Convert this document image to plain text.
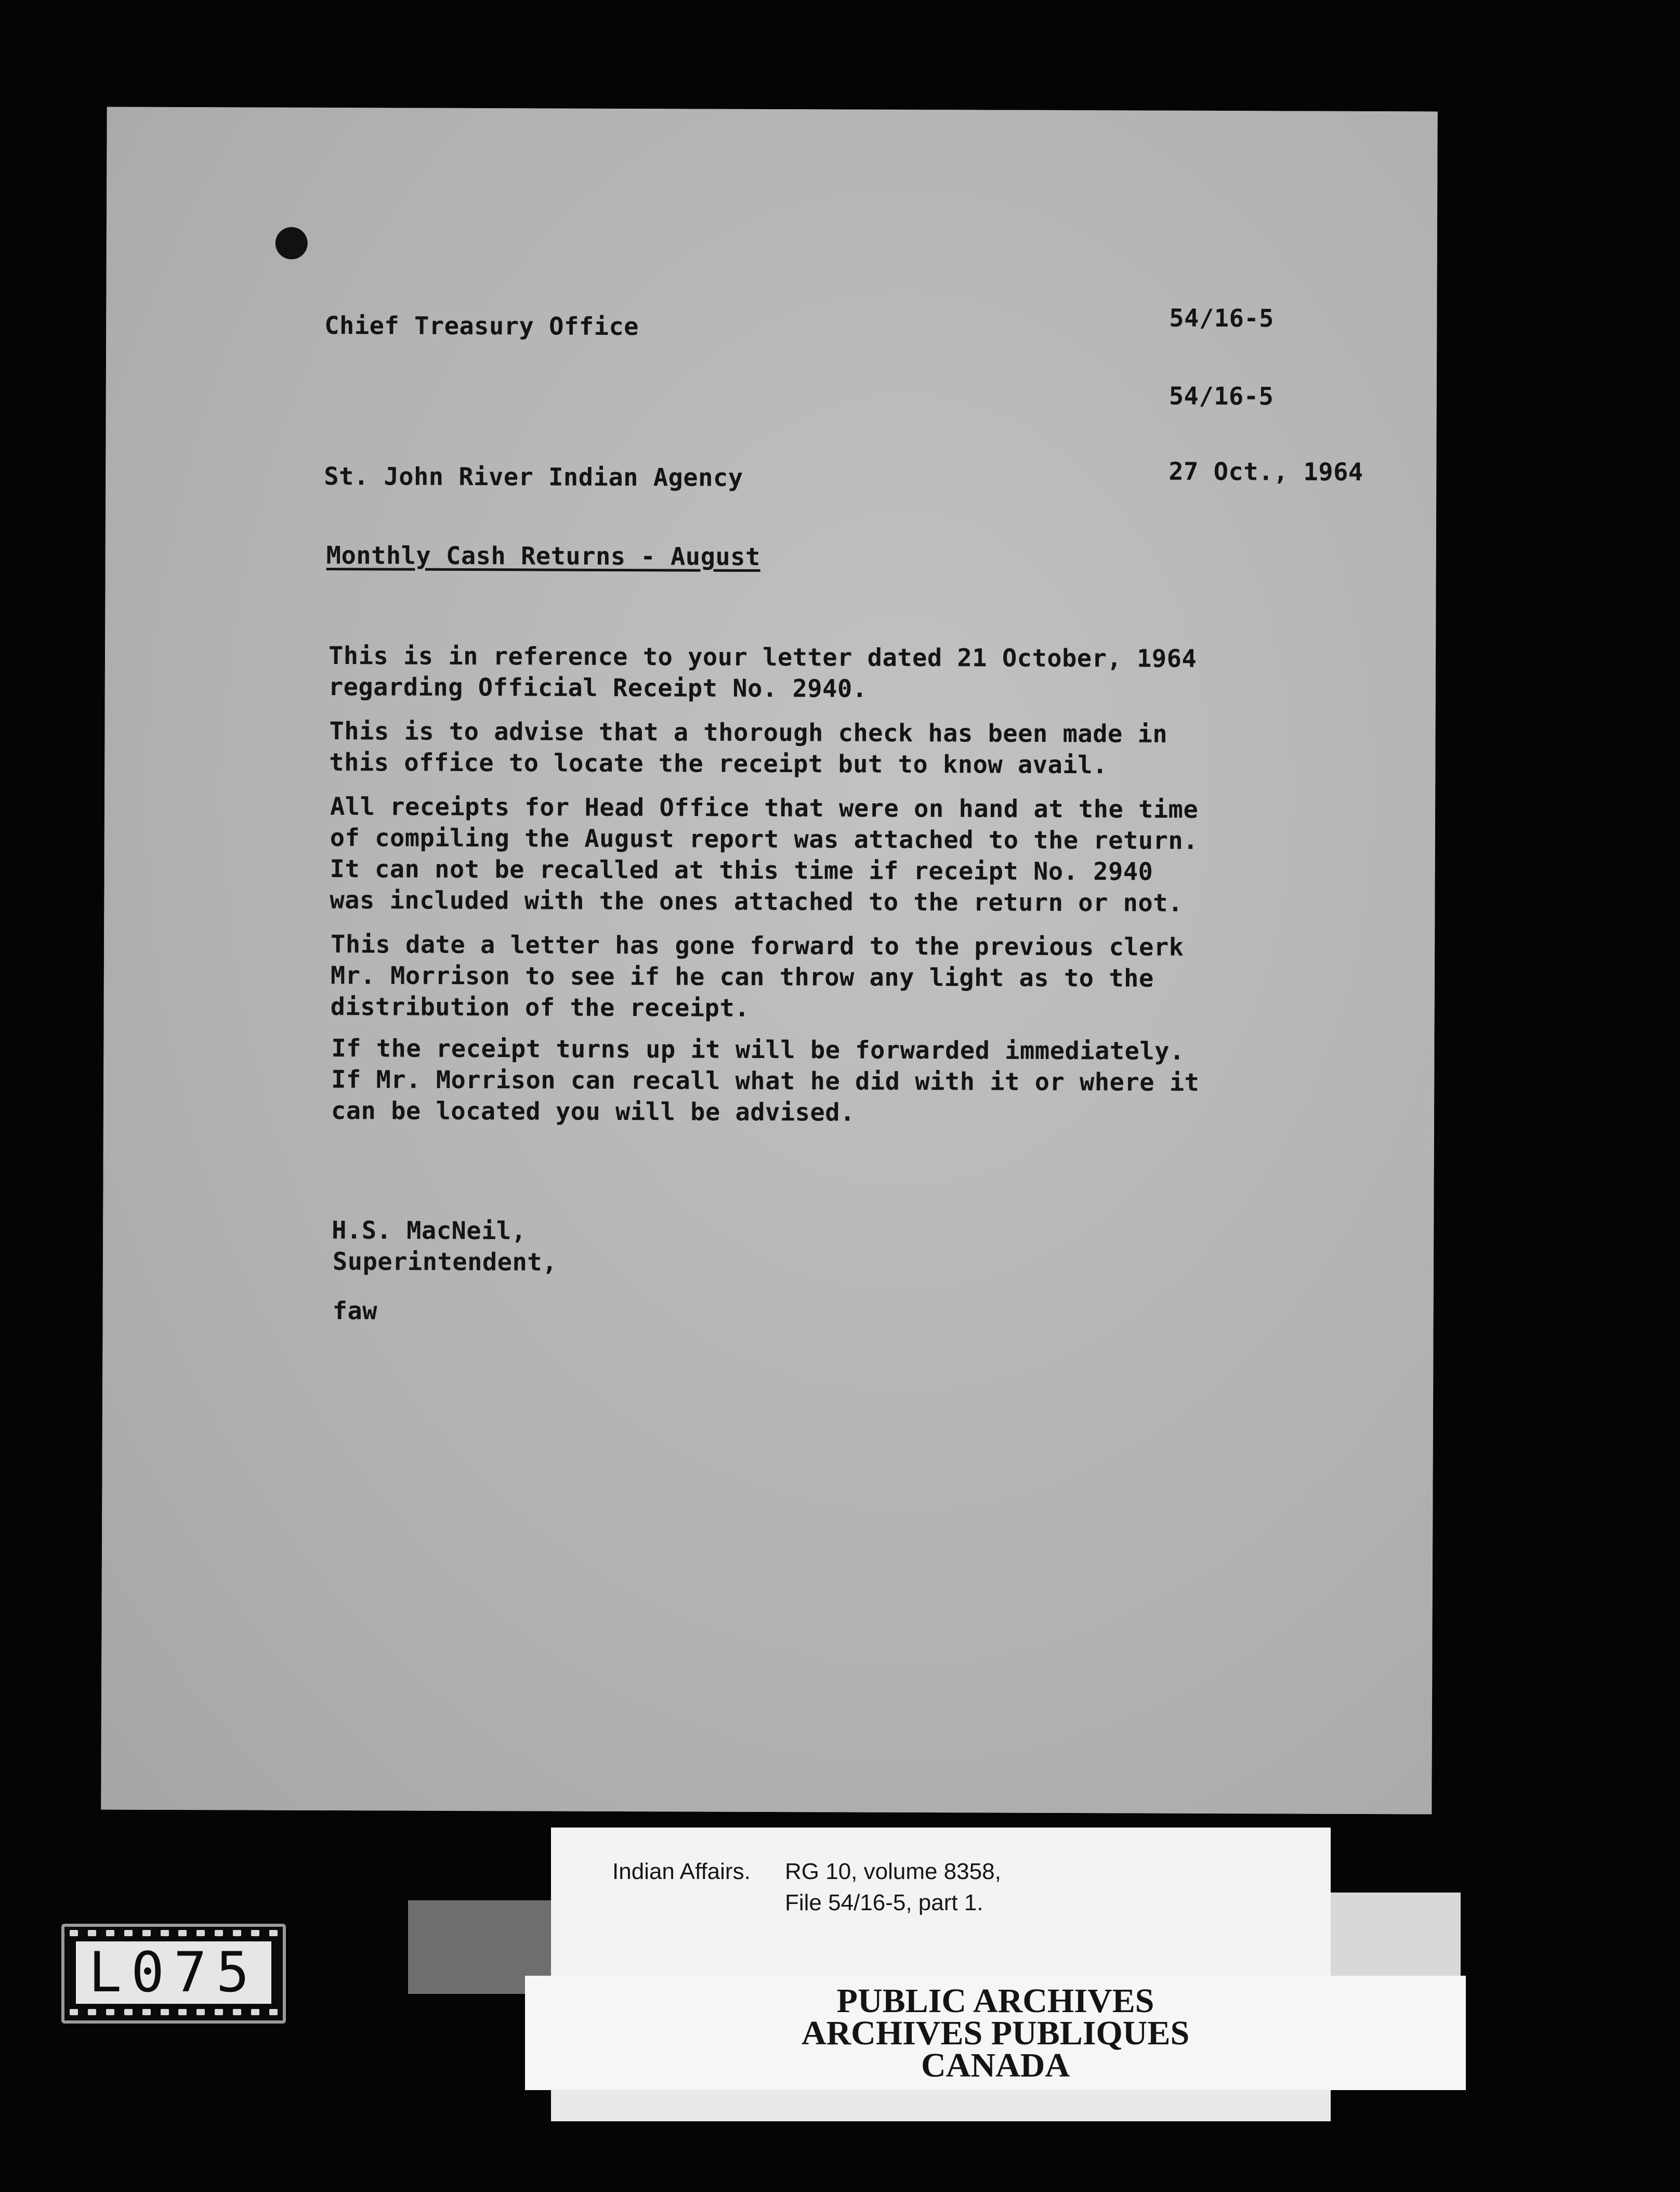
Chief Treasury Office	54/16-5
54/16-5
St. John River Indian Agency	27 Oct., 1964
Monthly Cash Returns - August
This is in reference to your letter dated 21 October, 1964
regarding Official Receipt No. 2940.
This is to advise that a thorough check has been made in
this office to locate the receipt but to know avail.
All receipts for Head Office that were on hand at the time
of compiling the August report was attached to the return.
It can not be recalled at this time if receipt No. 2940
was included with the ones attached to the return or not.
This date a letter has gone forward to the previous clerk
Mr. Morrison to see if he can throw any light as to the
distribution of the receipt.
If the receipt turns up it will be forwarded immediately.
If Mr. Morrison can recall what he did with it or where it
can be located you will be advised.
H.S. MacNeil,
Superintendent,
faw
Indian Affairs. RG 10, volume 8358,
File 54/16-5, part 1.
PUBLIC ARCHIVES
ARCHIVES PUBLIQUES
CANADA
L075
